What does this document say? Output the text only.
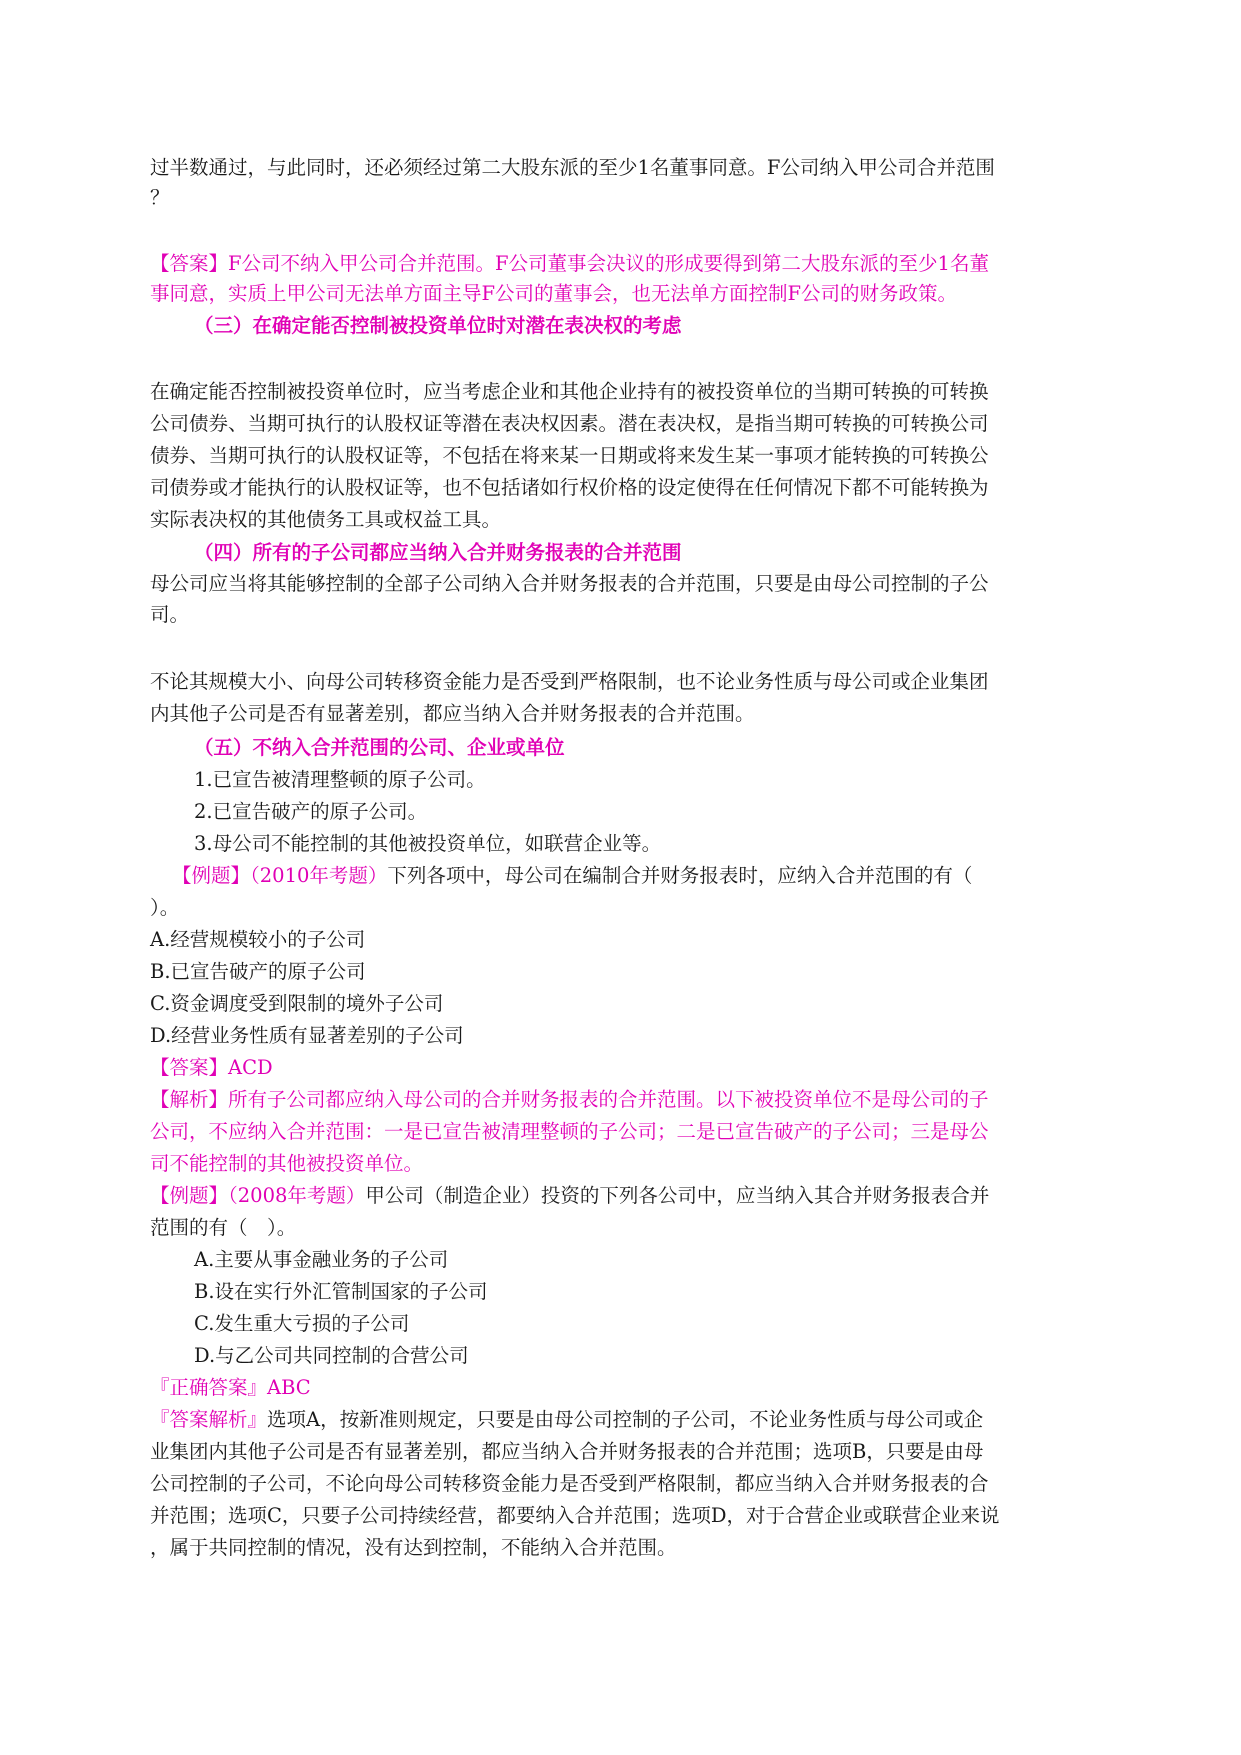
过半数通过，与此同时，还必须经过第二大股东派的至少1名董事同意。F公司纳入甲公司合并范围
？
【答案】F公司不纳入甲公司合并范围。F公司董事会决议的形成要得到第二大股东派的至少1名董
事同意，实质上甲公司无法单方面主导F公司的董事会，也无法单方面控制F公司的财务政策。
（三）在确定能否控制被投资单位时对潜在表决权的考虑
在确定能否控制被投资单位时，应当考虑企业和其他企业持有的被投资单位的当期可转换的可转换
公司债券、当期可执行的认股权证等潜在表决权因素。潜在表决权，是指当期可转换的可转换公司
债券、当期可执行的认股权证等，不包括在将来某一日期或将来发生某一事项才能转换的可转换公
司债券或才能执行的认股权证等，也不包括诸如行权价格的设定使得在任何情况下都不可能转换为
实际表决权的其他债务工具或权益工具。
（四）所有的子公司都应当纳入合并财务报表的合并范围
母公司应当将其能够控制的全部子公司纳入合并财务报表的合并范围，只要是由母公司控制的子公
司。
不论其规模大小、向母公司转移资金能力是否受到严格限制，也不论业务性质与母公司或企业集团
内其他子公司是否有显著差别，都应当纳入合并财务报表的合并范围。
（五）不纳入合并范围的公司、企业或单位
1.已宣告被清理整顿的原子公司。
2.已宣告破产的原子公司。
3.母公司不能控制的其他被投资单位，如联营企业等。
【例题】（2010年考题）下列各项中，母公司在编制合并财务报表时，应纳入合并范围的有（
）。
A.经营规模较小的子公司
B.已宣告破产的原子公司
C.资金调度受到限制的境外子公司
D.经营业务性质有显著差别的子公司
【答案】ACD
【解析】所有子公司都应纳入母公司的合并财务报表的合并范围。以下被投资单位不是母公司的子
公司，不应纳入合并范围：一是已宣告被清理整顿的子公司；二是已宣告破产的子公司；三是母公
司不能控制的其他被投资单位。
【例题】（2008年考题）甲公司（制造企业）投资的下列各公司中，应当纳入其合并财务报表合并
范围的有（　）。
A.主要从事金融业务的子公司
B.设在实行外汇管制国家的子公司
C.发生重大亏损的子公司
D.与乙公司共同控制的合营公司
『正确答案』ABC
『答案解析』选项A，按新准则规定，只要是由母公司控制的子公司，不论业务性质与母公司或企
业集团内其他子公司是否有显著差别，都应当纳入合并财务报表的合并范围；选项B，只要是由母
公司控制的子公司，不论向母公司转移资金能力是否受到严格限制，都应当纳入合并财务报表的合
并范围；选项C，只要子公司持续经营，都要纳入合并范围；选项D，对于合营企业或联营企业来说
，属于共同控制的情况，没有达到控制，不能纳入合并范围。
